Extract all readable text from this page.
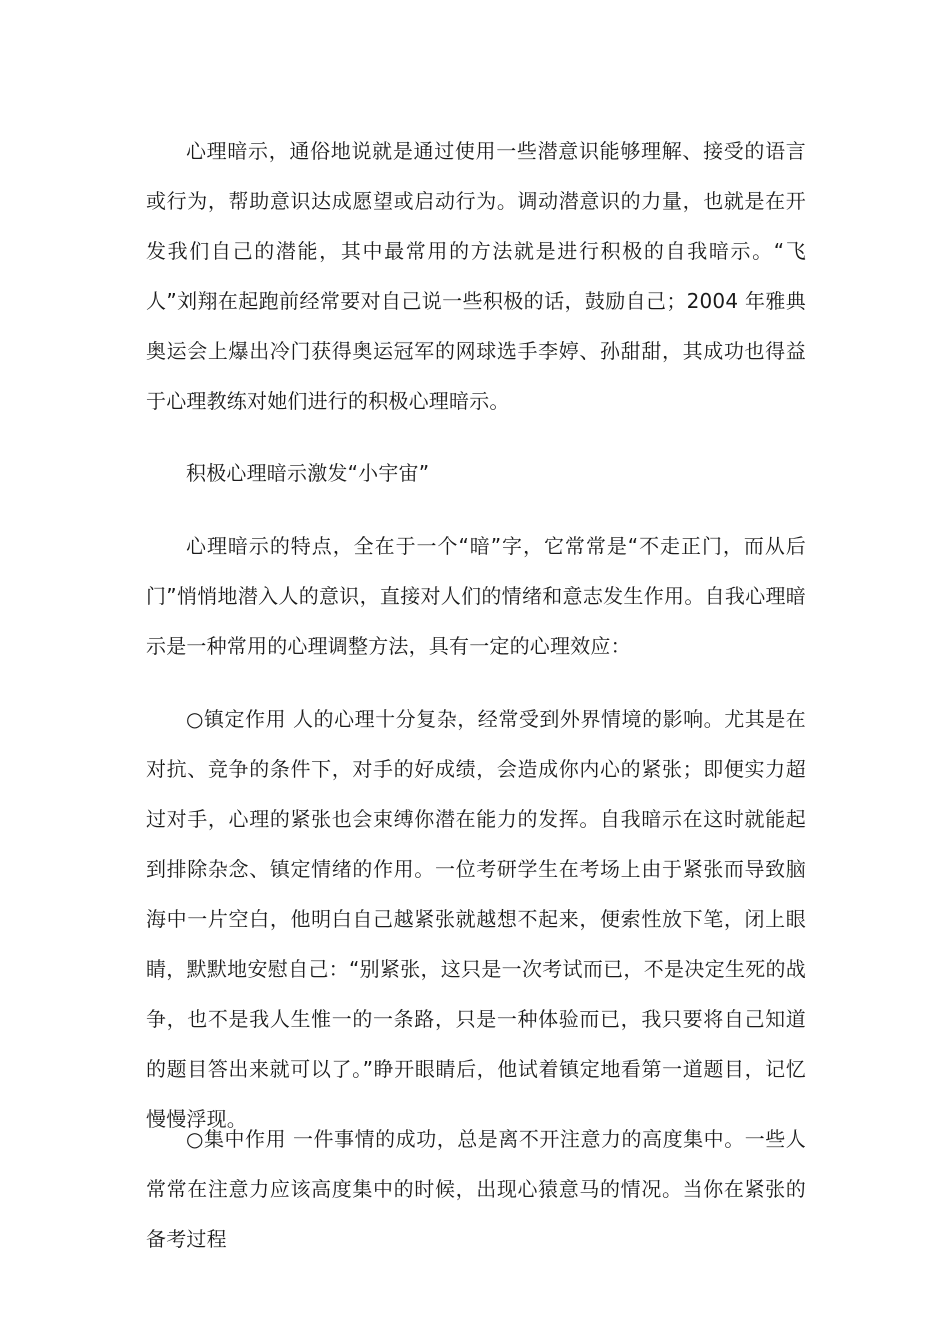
心理暗示，通俗地说就是通过使用一些潜意识能够理解、接受的语言或行为，帮助意识达成愿望或启动行为。调动潜意识的力量，也就是在开发我们自己的潜能，其中最常用的方法就是进行积极的自我暗示。“飞人”刘翔在起跑前经常要对自己说一些积极的话，鼓励自己；2004 年雅典奥运会上爆出冷门获得奥运冠军的网球选手李婷、孙甜甜，其成功也得益于心理教练对她们进行的积极心理暗示。

积极心理暗示激发“小宇宙”

心理暗示的特点，全在于一个“暗”字，它常常是“不走正门，而从后门”悄悄地潜入人的意识，直接对人们的情绪和意志发生作用。自我心理暗示是一种常用的心理调整方法，具有一定的心理效应：

○镇定作用 人的心理十分复杂，经常受到外界情境的影响。尤其是在对抗、竞争的条件下，对手的好成绩，会造成你内心的紧张；即便实力超过对手，心理的紧张也会束缚你潜在能力的发挥。自我暗示在这时就能起到排除杂念、镇定情绪的作用。一位考研学生在考场上由于紧张而导致脑海中一片空白，他明白自己越紧张就越想不起来，便索性放下笔，闭上眼睛，默默地安慰自己：“别紧张，这只是一次考试而已，不是决定生死的战争，也不是我人生惟一的一条路，只是一种体验而已，我只要将自己知道的题目答出来就可以了。”睁开眼睛后，他试着镇定地看第一道题目，记忆慢慢浮现。

○集中作用 一件事情的成功，总是离不开注意力的高度集中。一些人常常在注意力应该高度集中的时候，出现心猿意马的情况。当你在紧张的备考过程
